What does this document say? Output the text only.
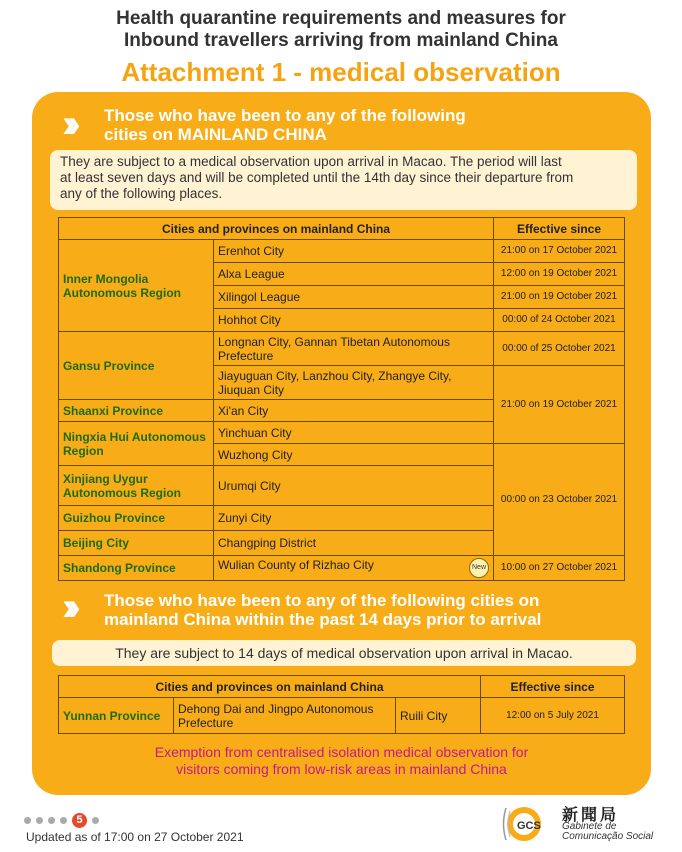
Health quarantine requirements and measures for
Inbound travellers arriving from mainland China
Attachment 1 - medical observation
›› Those who have been to any of the following
cities on MAINLAND CHINA
They are subject to a medical observation upon arrival in Macao. The period will last
at least seven days and will be completed until the 14th day since their departure from
any of the following places.
Cities and provinces on mainland China		Effective since
Inner Mongolia Autonomous Region	Erenhot City	21:00 on 17 October 2021
	Alxa League	12:00 on 19 October 2021
	Xilingol League	21:00 on 19 October 2021
	Hohhot City	00:00 of 24 October 2021
Gansu Province	Longnan City, Gannan Tibetan Autonomous Prefecture	00:00 of 25 October 2021
	Jiayuguan City, Lanzhou City, Zhangye City, Jiuquan City	21:00 on 19 October 2021
Shaanxi Province	Xi'an City	
Ningxia Hui Autonomous Region	Yinchuan City	
	Wuzhong City	00:00 on 23 October 2021
Xinjiang Uygur Autonomous Region	Urumqi City	
Guizhou Province	Zunyi City	
Beijing City	Changping District	
Shandong Province	Wulian County of Rizhao City New	10:00 on 27 October 2021
›› Those who have been to any of the following cities on
mainland China within the past 14 days prior to arrival
They are subject to 14 days of medical observation upon arrival in Macao.
Cities and provinces on mainland China			Effective since
Yunnan Province	Dehong Dai and Jingpo Autonomous Prefecture	Ruili City	12:00 on 5 July 2021
Exemption from centralised isolation medical observation for
visitors coming from low-risk areas in mainland China
5
Updated as of 17:00 on 27 October 2021
GCS
新聞局
Gabinete de
Comunicação Social
